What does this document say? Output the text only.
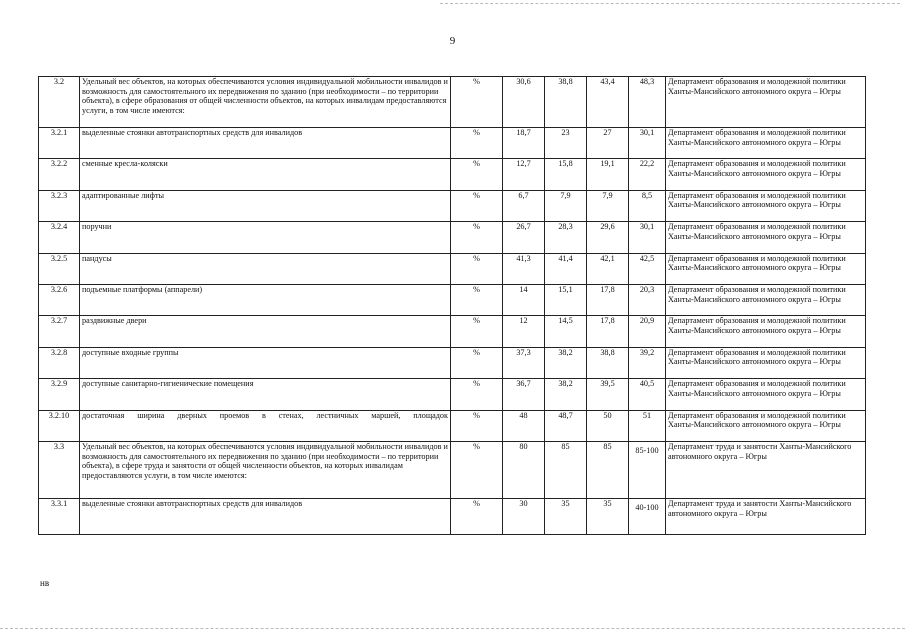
9
3.2	Удельный вес объектов, на которых обеспечиваются условия индивидуальной мобильности инвалидов и возможность для самостоятельного их передвижения по зданию (при необходимости – по территории объекта), в сфере образования от общей численности объектов, на которых инвалидам предоставляются услуги, в том числе имеются:	%	30,6	38,8	43,4	48,3	Департамент образования и молодежной политики Ханты-Мансийского автономного округа – Югры
3.2.1	выделенные стоянки автотранспортных средств для инвалидов	%	18,7	23	27	30,1	Департамент образования и молодежной политики Ханты-Мансийского автономного округа – Югры
3.2.2	сменные кресла-коляски	%	12,7	15,8	19,1	22,2	Департамент образования и молодежной политики Ханты-Мансийского автономного округа – Югры
3.2.3	адаптированные лифты	%	6,7	7,9	7,9	8,5	Департамент образования и молодежной политики Ханты-Мансийского автономного округа – Югры
3.2.4	поручни	%	26,7	28,3	29,6	30,1	Департамент образования и молодежной политики Ханты-Мансийского автономного округа – Югры
3.2.5	пандусы	%	41,3	41,4	42,1	42,5	Департамент образования и молодежной политики Ханты-Мансийского автономного округа – Югры
3.2.6	подъемные платформы (аппарели)	%	14	15,1	17,8	20,3	Департамент образования и молодежной политики Ханты-Мансийского автономного округа – Югры
3.2.7	раздвижные двери	%	12	14,5	17,8	20,9	Департамент образования и молодежной политики Ханты-Мансийского автономного округа – Югры
3.2.8	доступные входные группы	%	37,3	38,2	38,8	39,2	Департамент образования и молодежной политики Ханты-Мансийского автономного округа – Югры
3.2.9	доступные санитарно-гигиенические помещения	%	36,7	38,2	39,5	40,5	Департамент образования и молодежной политики Ханты-Мансийского автономного округа – Югры
3.2.10	достаточная ширина дверных проемов в стенах, лестничных маршей, площадок	%	48	48,7	50	51	Департамент образования и молодежной политики Ханты-Мансийского автономного округа – Югры
3.3	Удельный вес объектов, на которых обеспечиваются условия индивидуальной мобильности инвалидов и возможность для самостоятельного их передвижения по зданию (при необходимости – по территории объекта), в сфере труда и занятости от общей численности объектов, на которых инвалидам предоставляются услуги, в том числе имеются:	%	80	85	85	85-100	Департамент труда и занятости Ханты-Мансийского автономного округа – Югры
3.3.1	выделенные стоянки автотранспортных средств для инвалидов	%	30	35	35	40-100	Департамент труда и занятости Ханты-Мансийского автономного округа – Югры
нв
